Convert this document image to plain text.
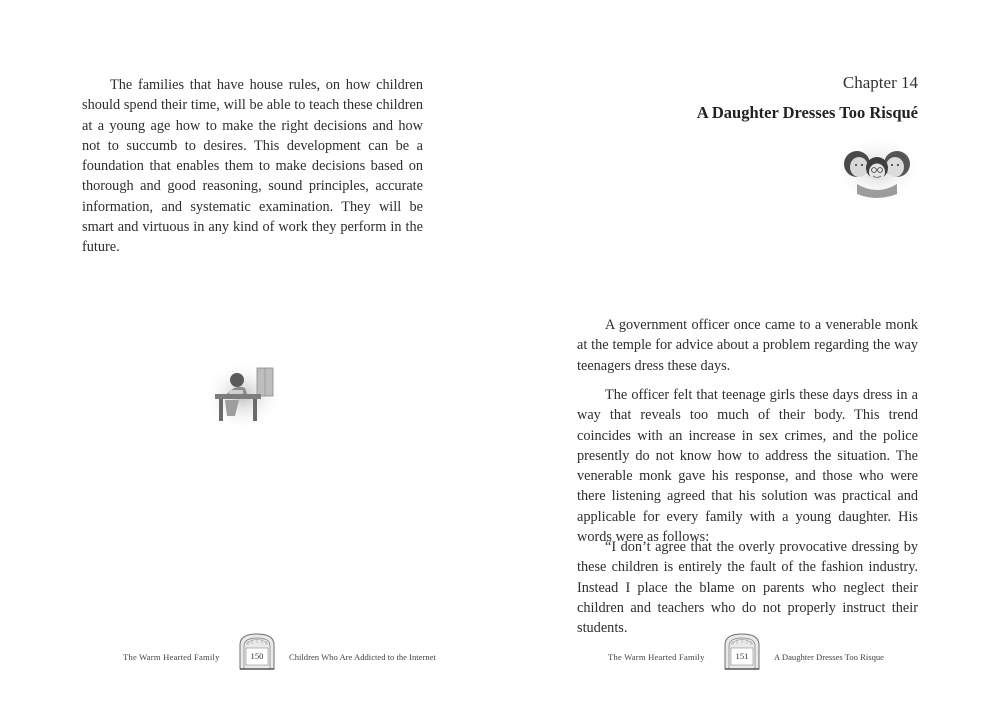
The families that have house rules, on how children should spend their time, will be able to teach these children at a young age how to make the right decisions and how not to succumb to desires. This development can be a foundation that enables them to make decisions based on thorough and good reasoning, sound principles, accurate information, and systematic examination. They will be smart and virtuous in any kind of work they perform in the future.

The Warm Hearted Family	150	Children Who Are Addicted to the Internet
Chapter 14
A Daughter Dresses Too Risqué

A government officer once came to a venerable monk at the temple for advice about a problem regarding the way teenagers dress these days.

The officer felt that teenage girls these days dress in a way that reveals too much of their body. This trend coincides with an increase in sex crimes, and the police presently do not know how to address the situation. The venerable monk gave his response, and those who were there listening agreed that his solution was practical and applicable for every family with a young daughter. His words were as follows:

“I don’t agree that the overly provocative dressing by these children is entirely the fault of the fashion industry. Instead I place the blame on parents who neglect their children and teachers who do not properly instruct their students.

The Warm Hearted Family	151	A Daughter Dresses Too Risque
